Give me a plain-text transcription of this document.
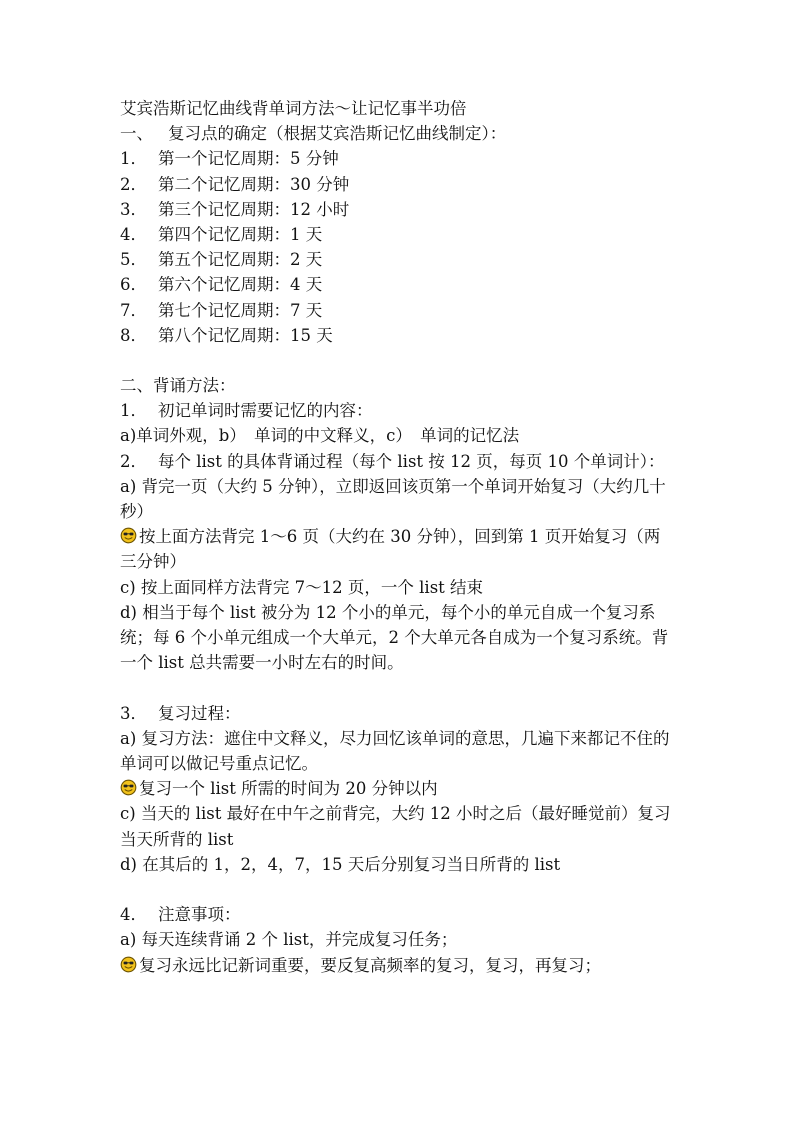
艾宾浩斯记忆曲线背单词方法～让记忆事半功倍
一、 复习点的确定（根据艾宾浩斯记忆曲线制定）：
1． 第一个记忆周期：5 分钟
2． 第二个记忆周期：30 分钟
3． 第三个记忆周期：12 小时
4． 第四个记忆周期：1 天
5． 第五个记忆周期：2 天
6． 第六个记忆周期：4 天
7． 第七个记忆周期：7 天
8． 第八个记忆周期：15 天
二、背诵方法：
1． 初记单词时需要记忆的内容：
a)单词外观，b）　单词的中文释义，c）　单词的记忆法
2． 每个 list 的具体背诵过程（每个 list 按 12 页，每页 10 个单词计）：
a) 背完一页（大约 5 分钟），立即返回该页第一个单词开始复习（大约几十秒）
按上面方法背完 1～6 页（大约在 30 分钟），回到第 1 页开始复习（两三分钟）
c) 按上面同样方法背完 7～12 页，一个 list 结束
d) 相当于每个 list 被分为 12 个小的单元，每个小的单元自成一个复习系统；每 6 个小单元组成一个大单元，2 个大单元各自成为一个复习系统。背一个 list 总共需要一小时左右的时间。
3． 复习过程：
a) 复习方法：遮住中文释义，尽力回忆该单词的意思，几遍下来都记不住的单词可以做记号重点记忆。
复习一个 list 所需的时间为 20 分钟以内
c) 当天的 list 最好在中午之前背完，大约 12 小时之后（最好睡觉前）复习当天所背的 list
d) 在其后的 1，2，4，7，15 天后分别复习当日所背的 list
4． 注意事项：
a) 每天连续背诵 2 个 list，并完成复习任务；
复习永远比记新词重要，要反复高频率的复习，复习，再复习；
